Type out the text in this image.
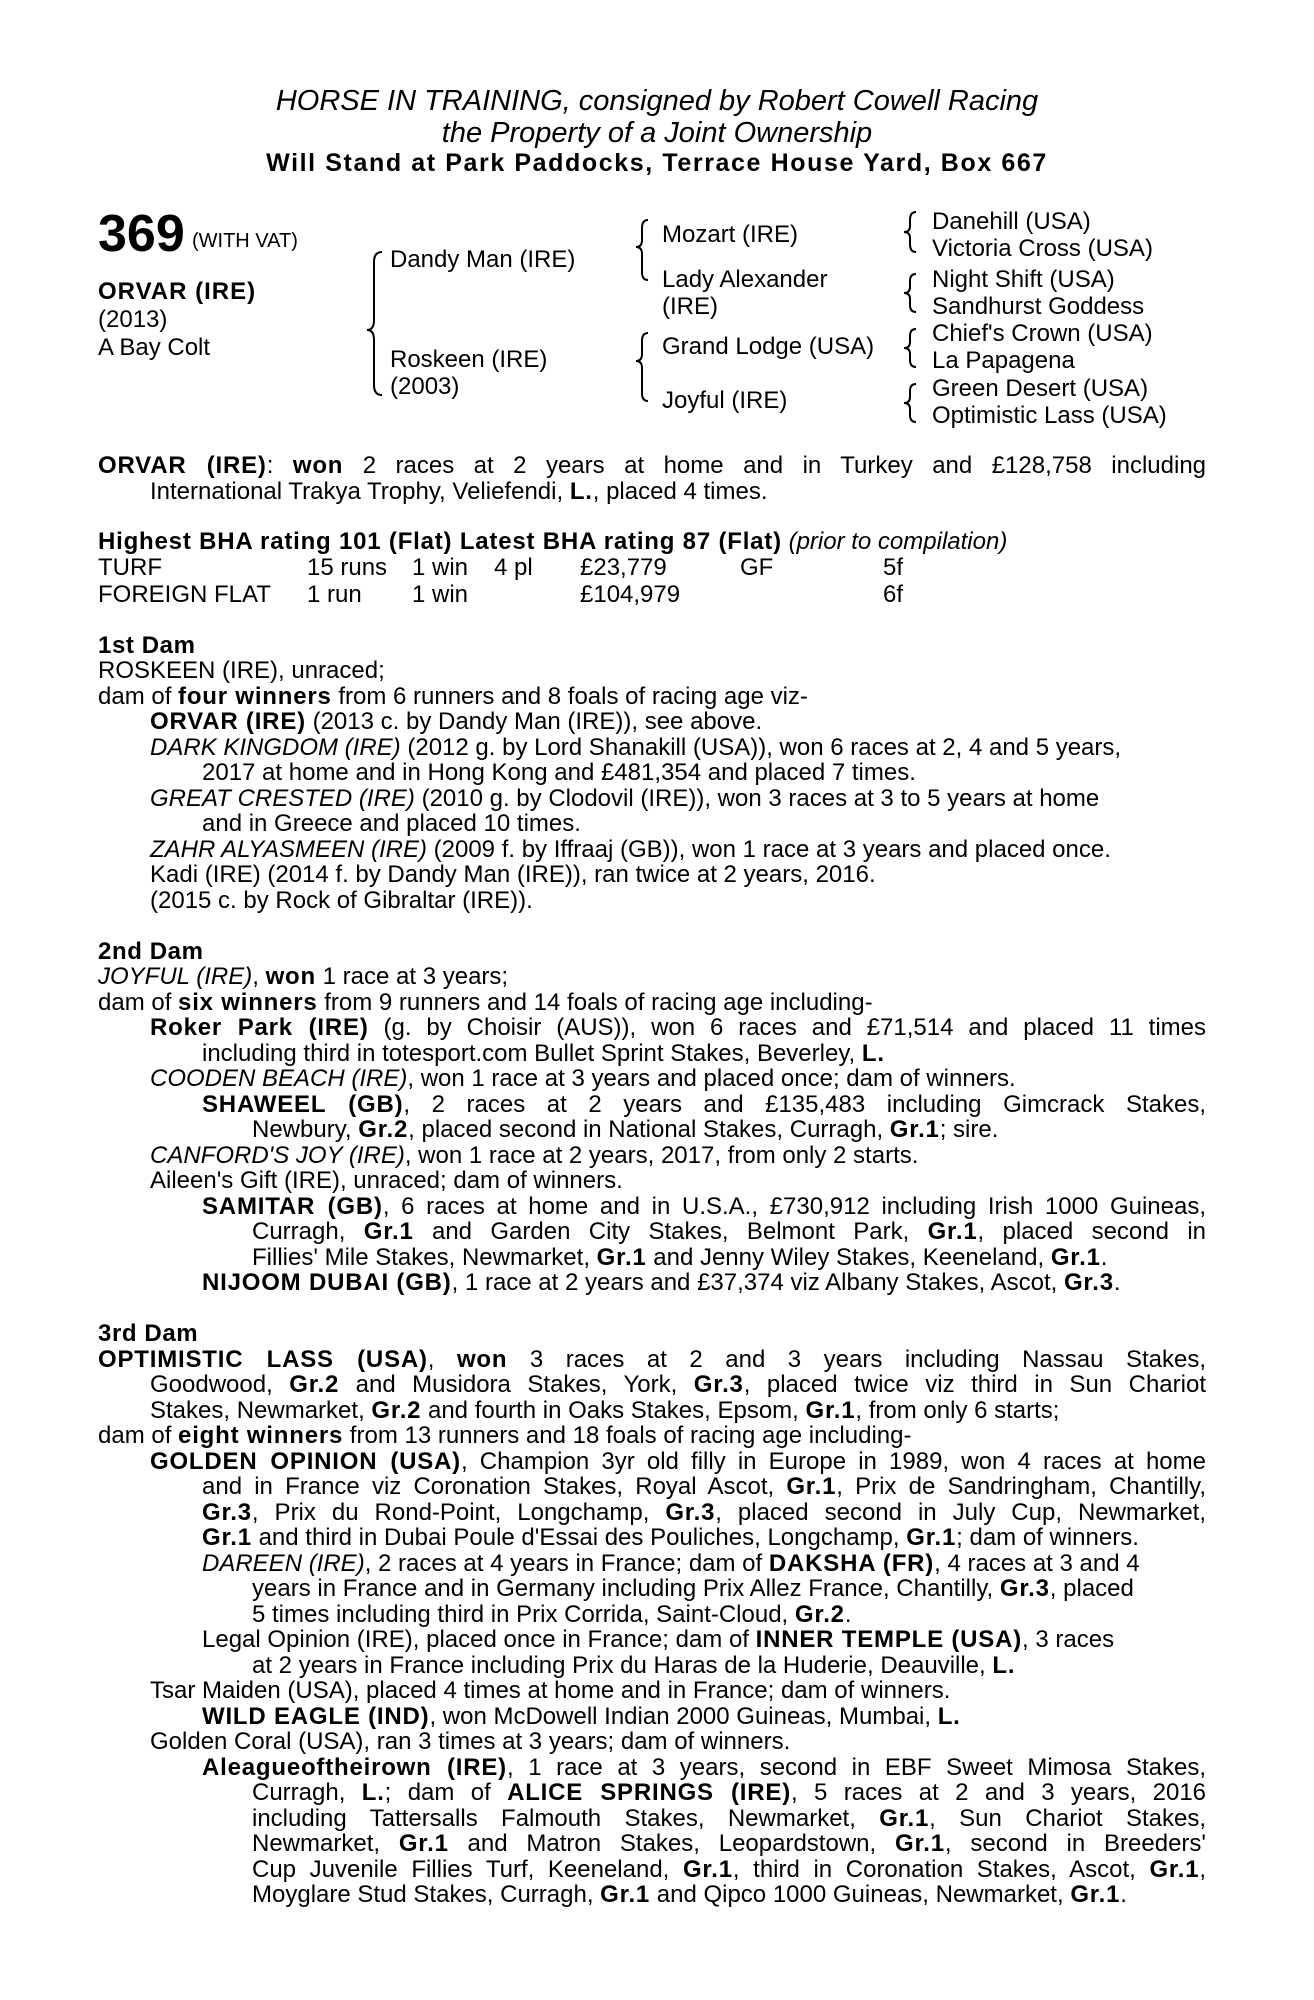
HORSE IN TRAINING, consigned by Robert Cowell Racing
the Property of a Joint Ownership
Will Stand at Park Paddocks, Terrace House Yard, Box 667
369 (WITH VAT)
ORVAR (IRE)
(2013)
A Bay Colt
Dandy Man (IRE)
Roskeen (IRE)
(2003)
Mozart (IRE)
Lady Alexander
(IRE)
Grand Lodge (USA)
Joyful (IRE)
Danehill (USA)
Victoria Cross (USA)
Night Shift (USA)
Sandhurst Goddess
Chief's Crown (USA)
La Papagena
Green Desert (USA)
Optimistic Lass (USA)
ORVAR (IRE): won 2 races at 2 years at home and in Turkey and £128,758 including
International Trakya Trophy, Veliefendi, L., placed 4 times.
Highest BHA rating 101 (Flat) Latest BHA rating 87 (Flat) (prior to compilation)
TURF	15 runs 1 win 4 pl £23,779	GF	5f
FOREIGN FLAT 1 run 1 win	£104,979	6f
1st Dam
ROSKEEN (IRE), unraced;
dam of four winners from 6 runners and 8 foals of racing age viz-
ORVAR (IRE) (2013 c. by Dandy Man (IRE)), see above.
DARK KINGDOM (IRE) (2012 g. by Lord Shanakill (USA)), won 6 races at 2, 4 and 5 years,
2017 at home and in Hong Kong and £481,354 and placed 7 times.
GREAT CRESTED (IRE) (2010 g. by Clodovil (IRE)), won 3 races at 3 to 5 years at home
and in Greece and placed 10 times.
ZAHR ALYASMEEN (IRE) (2009 f. by Iffraaj (GB)), won 1 race at 3 years and placed once.
Kadi (IRE) (2014 f. by Dandy Man (IRE)), ran twice at 2 years, 2016.
(2015 c. by Rock of Gibraltar (IRE)).
2nd Dam
JOYFUL (IRE), won 1 race at 3 years;
dam of six winners from 9 runners and 14 foals of racing age including-
Roker Park (IRE) (g. by Choisir (AUS)), won 6 races and £71,514 and placed 11 times
including third in totesport.com Bullet Sprint Stakes, Beverley, L.
COODEN BEACH (IRE), won 1 race at 3 years and placed once; dam of winners.
SHAWEEL (GB), 2 races at 2 years and £135,483 including Gimcrack Stakes,
Newbury, Gr.2, placed second in National Stakes, Curragh, Gr.1; sire.
CANFORD'S JOY (IRE), won 1 race at 2 years, 2017, from only 2 starts.
Aileen's Gift (IRE), unraced; dam of winners.
SAMITAR (GB), 6 races at home and in U.S.A., £730,912 including Irish 1000 Guineas,
Curragh, Gr.1 and Garden City Stakes, Belmont Park, Gr.1, placed second in
Fillies' Mile Stakes, Newmarket, Gr.1 and Jenny Wiley Stakes, Keeneland, Gr.1.
NIJOOM DUBAI (GB), 1 race at 2 years and £37,374 viz Albany Stakes, Ascot, Gr.3.
3rd Dam
OPTIMISTIC LASS (USA), won 3 races at 2 and 3 years including Nassau Stakes,
Goodwood, Gr.2 and Musidora Stakes, York, Gr.3, placed twice viz third in Sun Chariot
Stakes, Newmarket, Gr.2 and fourth in Oaks Stakes, Epsom, Gr.1, from only 6 starts;
dam of eight winners from 13 runners and 18 foals of racing age including-
GOLDEN OPINION (USA), Champion 3yr old filly in Europe in 1989, won 4 races at home
and in France viz Coronation Stakes, Royal Ascot, Gr.1, Prix de Sandringham, Chantilly,
Gr.3, Prix du Rond-Point, Longchamp, Gr.3, placed second in July Cup, Newmarket,
Gr.1 and third in Dubai Poule d'Essai des Pouliches, Longchamp, Gr.1; dam of winners.
DAREEN (IRE), 2 races at 4 years in France; dam of DAKSHA (FR), 4 races at 3 and 4
years in France and in Germany including Prix Allez France, Chantilly, Gr.3, placed
5 times including third in Prix Corrida, Saint-Cloud, Gr.2.
Legal Opinion (IRE), placed once in France; dam of INNER TEMPLE (USA), 3 races
at 2 years in France including Prix du Haras de la Huderie, Deauville, L.
Tsar Maiden (USA), placed 4 times at home and in France; dam of winners.
WILD EAGLE (IND), won McDowell Indian 2000 Guineas, Mumbai, L.
Golden Coral (USA), ran 3 times at 3 years; dam of winners.
Aleagueoftheirown (IRE), 1 race at 3 years, second in EBF Sweet Mimosa Stakes,
Curragh, L.; dam of ALICE SPRINGS (IRE), 5 races at 2 and 3 years, 2016
including Tattersalls Falmouth Stakes, Newmarket, Gr.1, Sun Chariot Stakes,
Newmarket, Gr.1 and Matron Stakes, Leopardstown, Gr.1, second in Breeders'
Cup Juvenile Fillies Turf, Keeneland, Gr.1, third in Coronation Stakes, Ascot, Gr.1,
Moyglare Stud Stakes, Curragh, Gr.1 and Qipco 1000 Guineas, Newmarket, Gr.1.
